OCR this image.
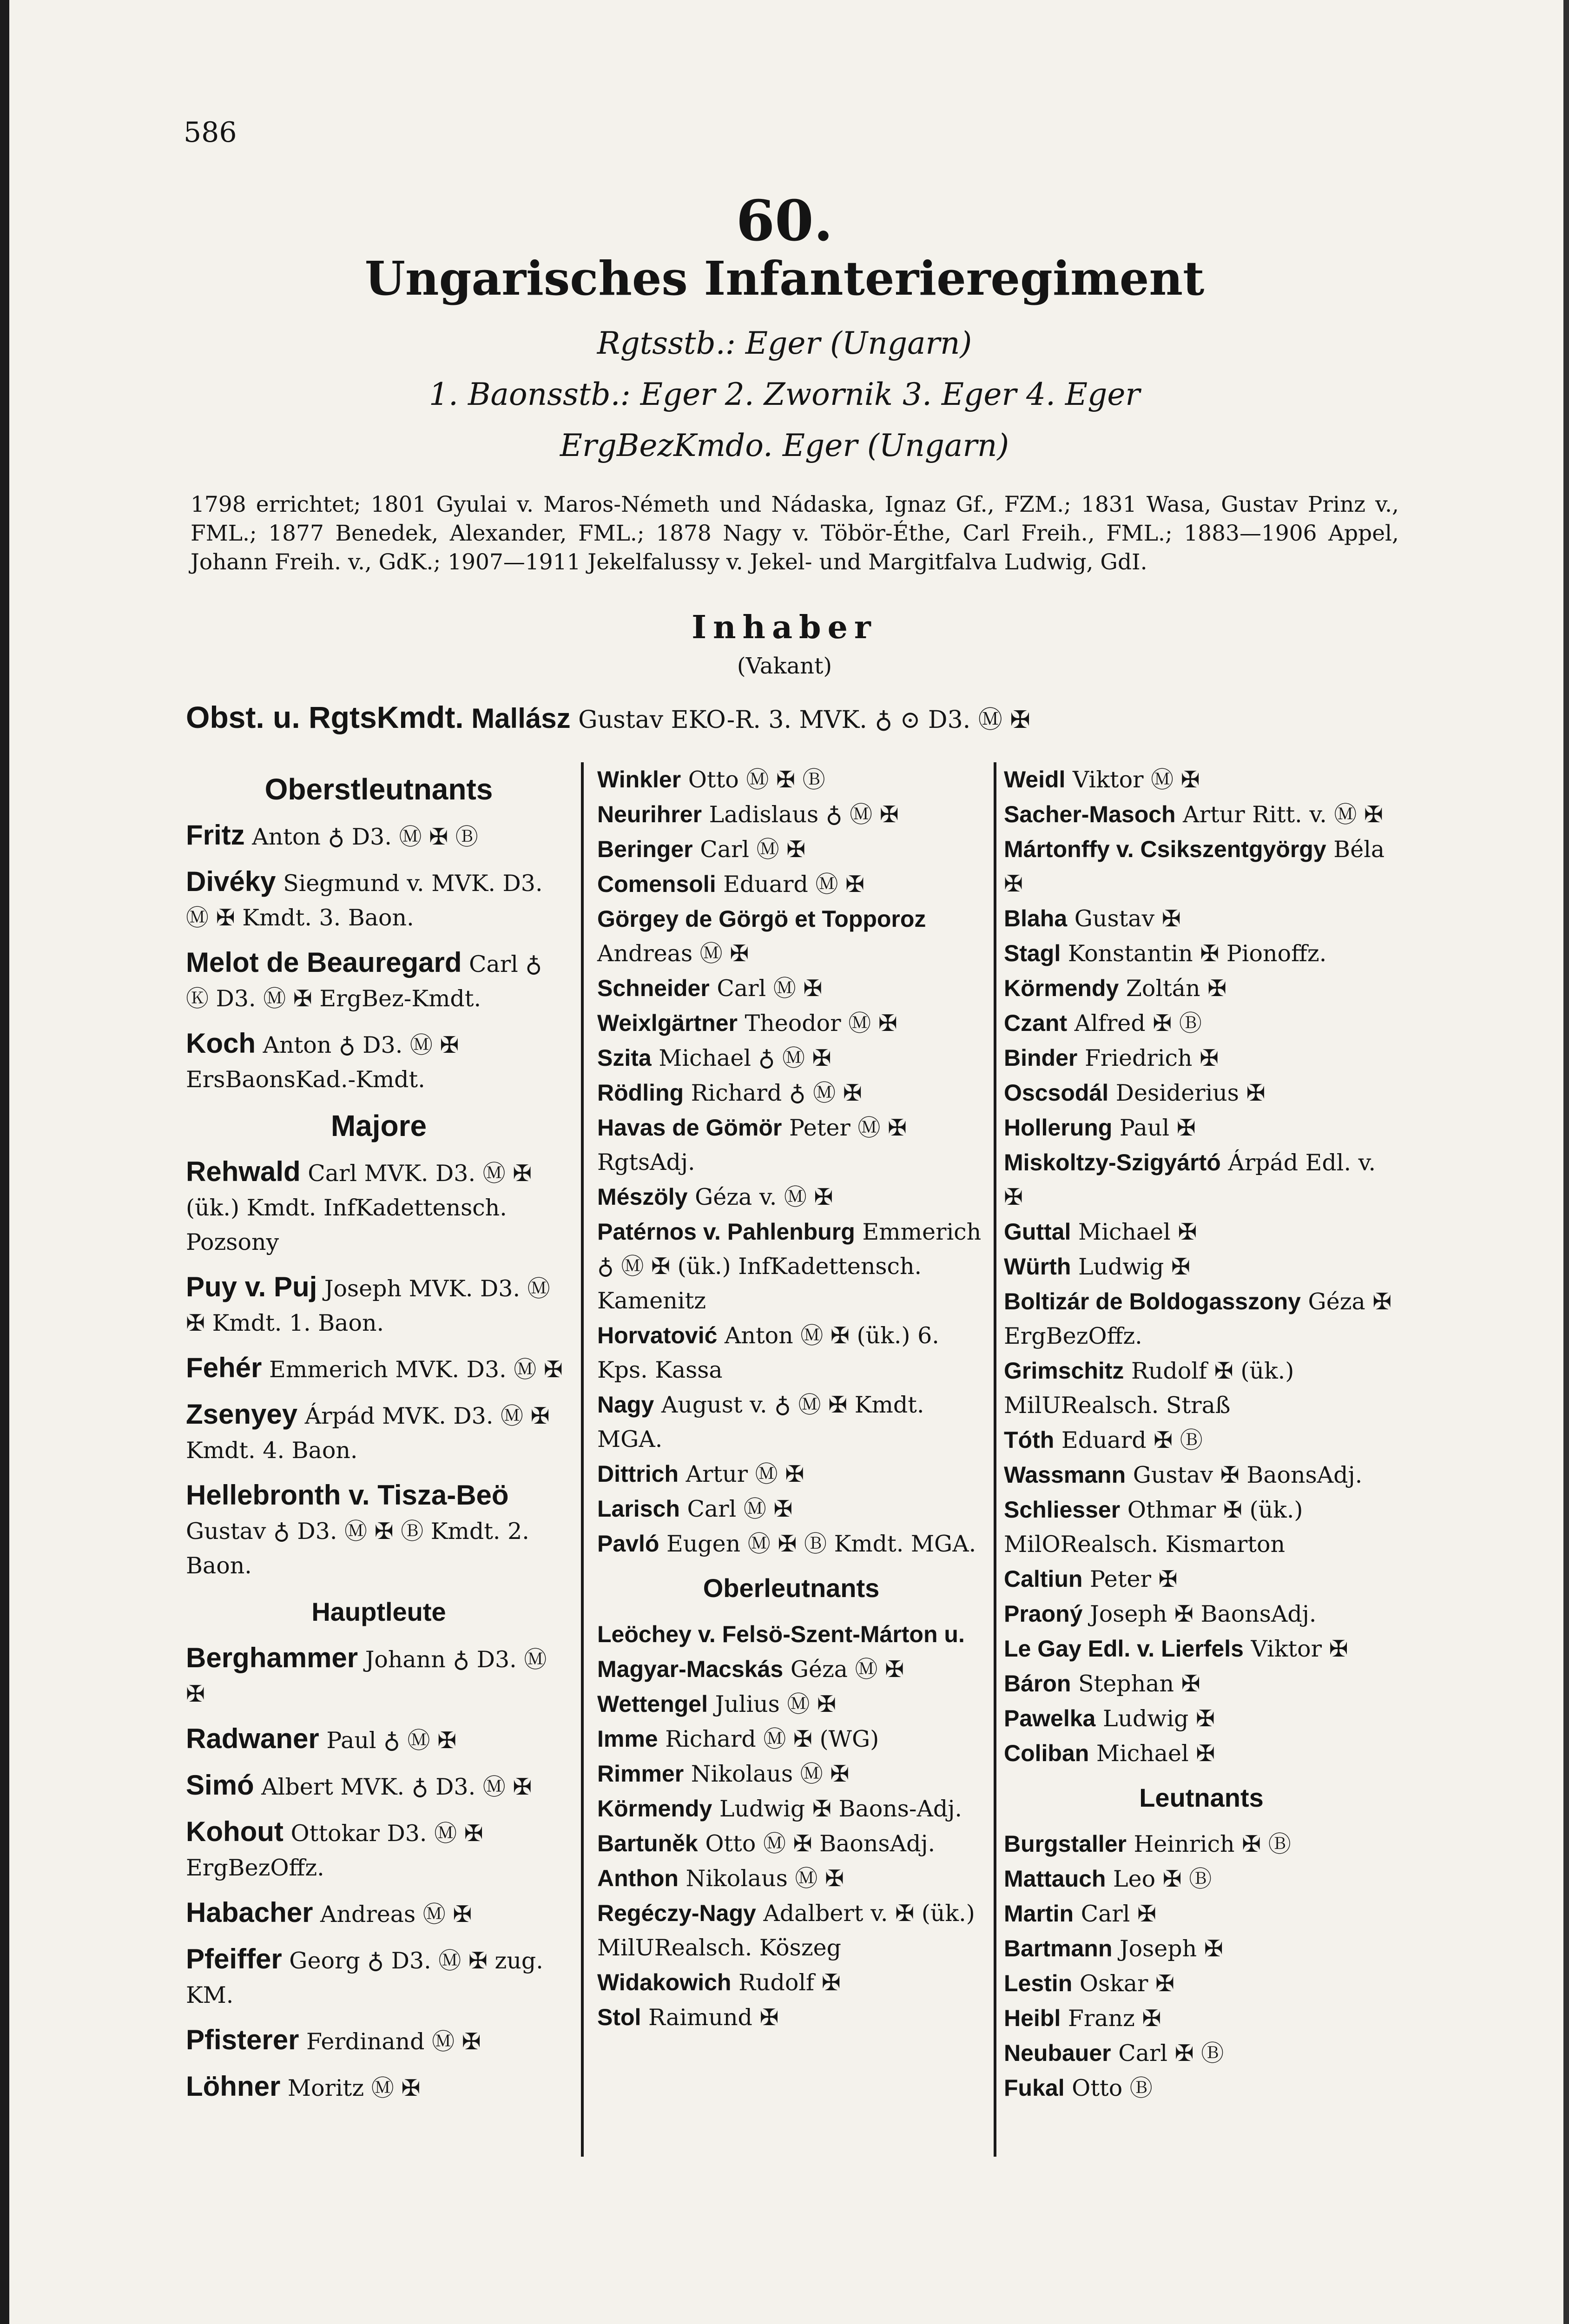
586
60.
Ungarisches Infanterieregiment
Rgtsstb.: Eger (Ungarn)
1. Baonsstb.: Eger 2. Zwornik 3. Eger 4. Eger
ErgBezKmdo. Eger (Ungarn)
1798 errichtet; 1801 Gyulai v. Maros-Németh und Nádaska, Ignaz Gf., FZM.; 1831 Wasa, Gustav Prinz v., FML.; 1877 Benedek, Alexander, FML.; 1878 Nagy v. Töbör-Éthe, Carl Freih., FML.; 1883—1906 Appel, Johann Freih. v., GdK.; 1907—1911 Jekelfalussy v. Jekel- und Margitfalva Ludwig, GdI.
Inhaber
(Vakant)
Obst. u. RgtsKmdt. Mallász Gustav EKO-R. 3. MVK. ♁ ⊙ D3. Ⓜ ✠
Oberstleutnants
Fritz Anton ♁ D3. Ⓜ ✠ Ⓑ
Divéky Siegmund v. MVK. D3. Ⓜ ✠ Kmdt. 3. Baon.
Melot de Beauregard Carl ♁ Ⓚ D3. Ⓜ ✠ ErgBez-Kmdt.
Koch Anton ♁ D3. Ⓜ ✠ ErsBaonsKad.-Kmdt.
Majore
Rehwald Carl MVK. D3. Ⓜ ✠ (ük.) Kmdt. InfKadettensch. Pozsony
Puy v. Puj Joseph MVK. D3. Ⓜ ✠ Kmdt. 1. Baon.
Fehér Emmerich MVK. D3. Ⓜ ✠
Zsenyey Árpád MVK. D3. Ⓜ ✠ Kmdt. 4. Baon.
Hellebronth v. Tisza-Beö Gustav ♁ D3. Ⓜ ✠ Ⓑ Kmdt. 2. Baon.
Hauptleute
Berghammer Johann ♁ D3. Ⓜ ✠
Radwaner Paul ♁ Ⓜ ✠
Simó Albert MVK. ♁ D3. Ⓜ ✠
Kohout Ottokar D3. Ⓜ ✠ ErgBezOffz.
Habacher Andreas Ⓜ ✠
Pfeiffer Georg ♁ D3. Ⓜ ✠ zug. KM.
Pfisterer Ferdinand Ⓜ ✠
Löhner Moritz Ⓜ ✠
Winkler Otto Ⓜ ✠ Ⓑ
Neurihrer Ladislaus ♁ Ⓜ ✠
Beringer Carl Ⓜ ✠
Comensoli Eduard Ⓜ ✠
Görgey de Görgö et Topporoz Andreas Ⓜ ✠
Schneider Carl Ⓜ ✠
Weixlgärtner Theodor Ⓜ ✠
Szita Michael ♁ Ⓜ ✠
Rödling Richard ♁ Ⓜ ✠
Havas de Gömör Peter Ⓜ ✠ RgtsAdj.
Mészöly Géza v. Ⓜ ✠
Patérnos v. Pahlenburg Emmerich ♁ Ⓜ ✠ (ük.) InfKadettensch. Kamenitz
Horvatović Anton Ⓜ ✠ (ük.) 6. Kps. Kassa
Nagy August v. ♁ Ⓜ ✠ Kmdt. MGA.
Dittrich Artur Ⓜ ✠
Larisch Carl Ⓜ ✠
Pavló Eugen Ⓜ ✠ Ⓑ Kmdt. MGA.
Oberleutnants
Leöchey v. Felsö-Szent-Márton u. Magyar-Macskás Géza Ⓜ ✠
Wettengel Julius Ⓜ ✠
Imme Richard Ⓜ ✠ (WG)
Rimmer Nikolaus Ⓜ ✠
Körmendy Ludwig ✠ Baons-Adj.
Bartuněk Otto Ⓜ ✠ BaonsAdj.
Anthon Nikolaus Ⓜ ✠
Regéczy-Nagy Adalbert v. ✠ (ük.) MilURealsch. Köszeg
Widakowich Rudolf ✠
Stol Raimund ✠
Weidl Viktor Ⓜ ✠
Sacher-Masoch Artur Ritt. v. Ⓜ ✠
Mártonffy v. Csikszentgyörgy Béla ✠
Blaha Gustav ✠
Stagl Konstantin ✠ Pionoffz.
Körmendy Zoltán ✠
Czant Alfred ✠ Ⓑ
Binder Friedrich ✠
Oscsodál Desiderius ✠
Hollerung Paul ✠
Miskoltzy-Szigyártó Árpád Edl. v. ✠
Guttal Michael ✠
Würth Ludwig ✠
Boltizár de Boldogasszony Géza ✠ ErgBezOffz.
Grimschitz Rudolf ✠ (ük.) MilURealsch. Straß
Tóth Eduard ✠ Ⓑ
Wassmann Gustav ✠ BaonsAdj.
Schliesser Othmar ✠ (ük.) MilORealsch. Kismarton
Caltiun Peter ✠
Praoný Joseph ✠ BaonsAdj.
Le Gay Edl. v. Lierfels Viktor ✠
Báron Stephan ✠
Pawelka Ludwig ✠
Coliban Michael ✠
Leutnants
Burgstaller Heinrich ✠ Ⓑ
Mattauch Leo ✠ Ⓑ
Martin Carl ✠
Bartmann Joseph ✠
Lestin Oskar ✠
Heibl Franz ✠
Neubauer Carl ✠ Ⓑ
Fukal Otto Ⓑ
